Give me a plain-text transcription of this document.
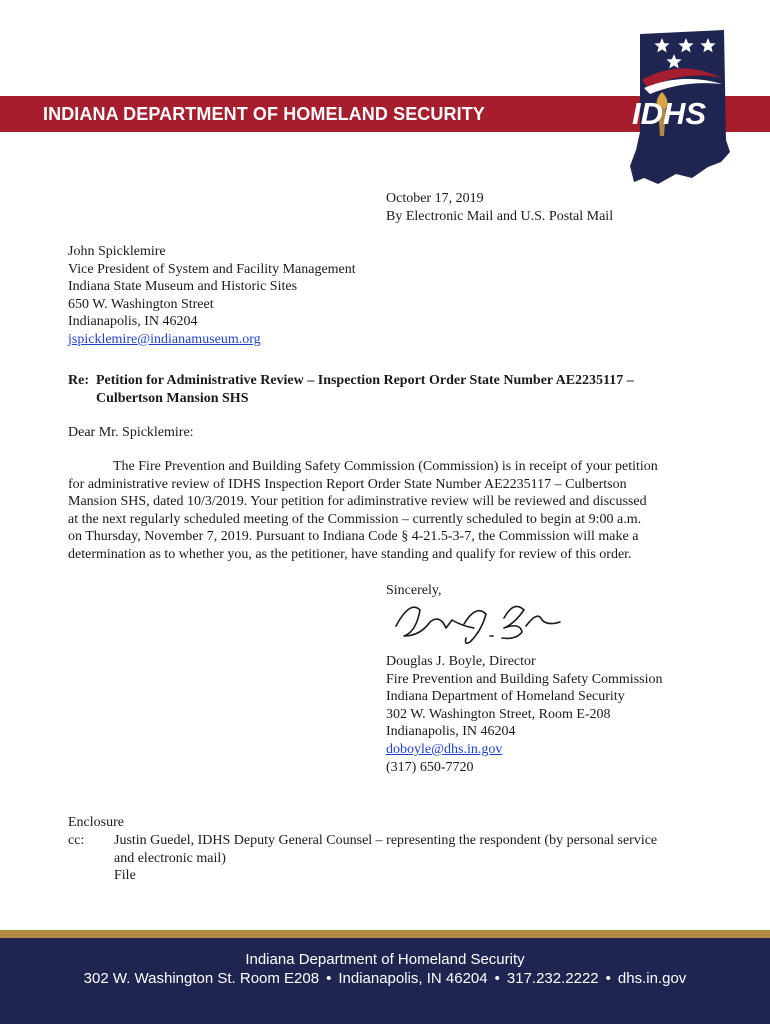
INDIANA DEPARTMENT OF HOMELAND SECURITY	IDHS
October 17, 2019
By Electronic Mail and U.S. Postal Mail
John Spicklemire
Vice President of System and Facility Management
Indiana State Museum and Historic Sites
650 W. Washington Street
Indianapolis, IN 46204
jspicklemire@indianamuseum.org
Re:  Petition for Administrative Review – Inspection Report Order State Number AE2235117 –
Culbertson Mansion SHS
Dear Mr. Spicklemire:
The Fire Prevention and Building Safety Commission (Commission) is in receipt of your petition
for administrative review of IDHS Inspection Report Order State Number AE2235117 – Culbertson
Mansion SHS, dated 10/3/2019. Your petition for adiminstrative review will be reviewed and discussed
at the next regularly scheduled meeting of the Commission – currently scheduled to begin at 9:00 a.m.
on Thursday, November 7, 2019. Pursuant to Indiana Code § 4-21.5-3-7, the Commission will make a
determination as to whether you, as the petitioner, have standing and qualify for review of this order.
Sincerely,
Douglas J. Boyle, Director
Fire Prevention and Building Safety Commission
Indiana Department of Homeland Security
302 W. Washington Street, Room E-208
Indianapolis, IN 46204
doboyle@dhs.in.gov
(317) 650-7720
Enclosure
cc: Justin Guedel, IDHS Deputy General Counsel – representing the respondent (by personal service
and electronic mail)
File
Indiana Department of Homeland Security
302 W. Washington St. Room E208 • Indianapolis, IN 46204 • 317.232.2222 • dhs.in.gov
